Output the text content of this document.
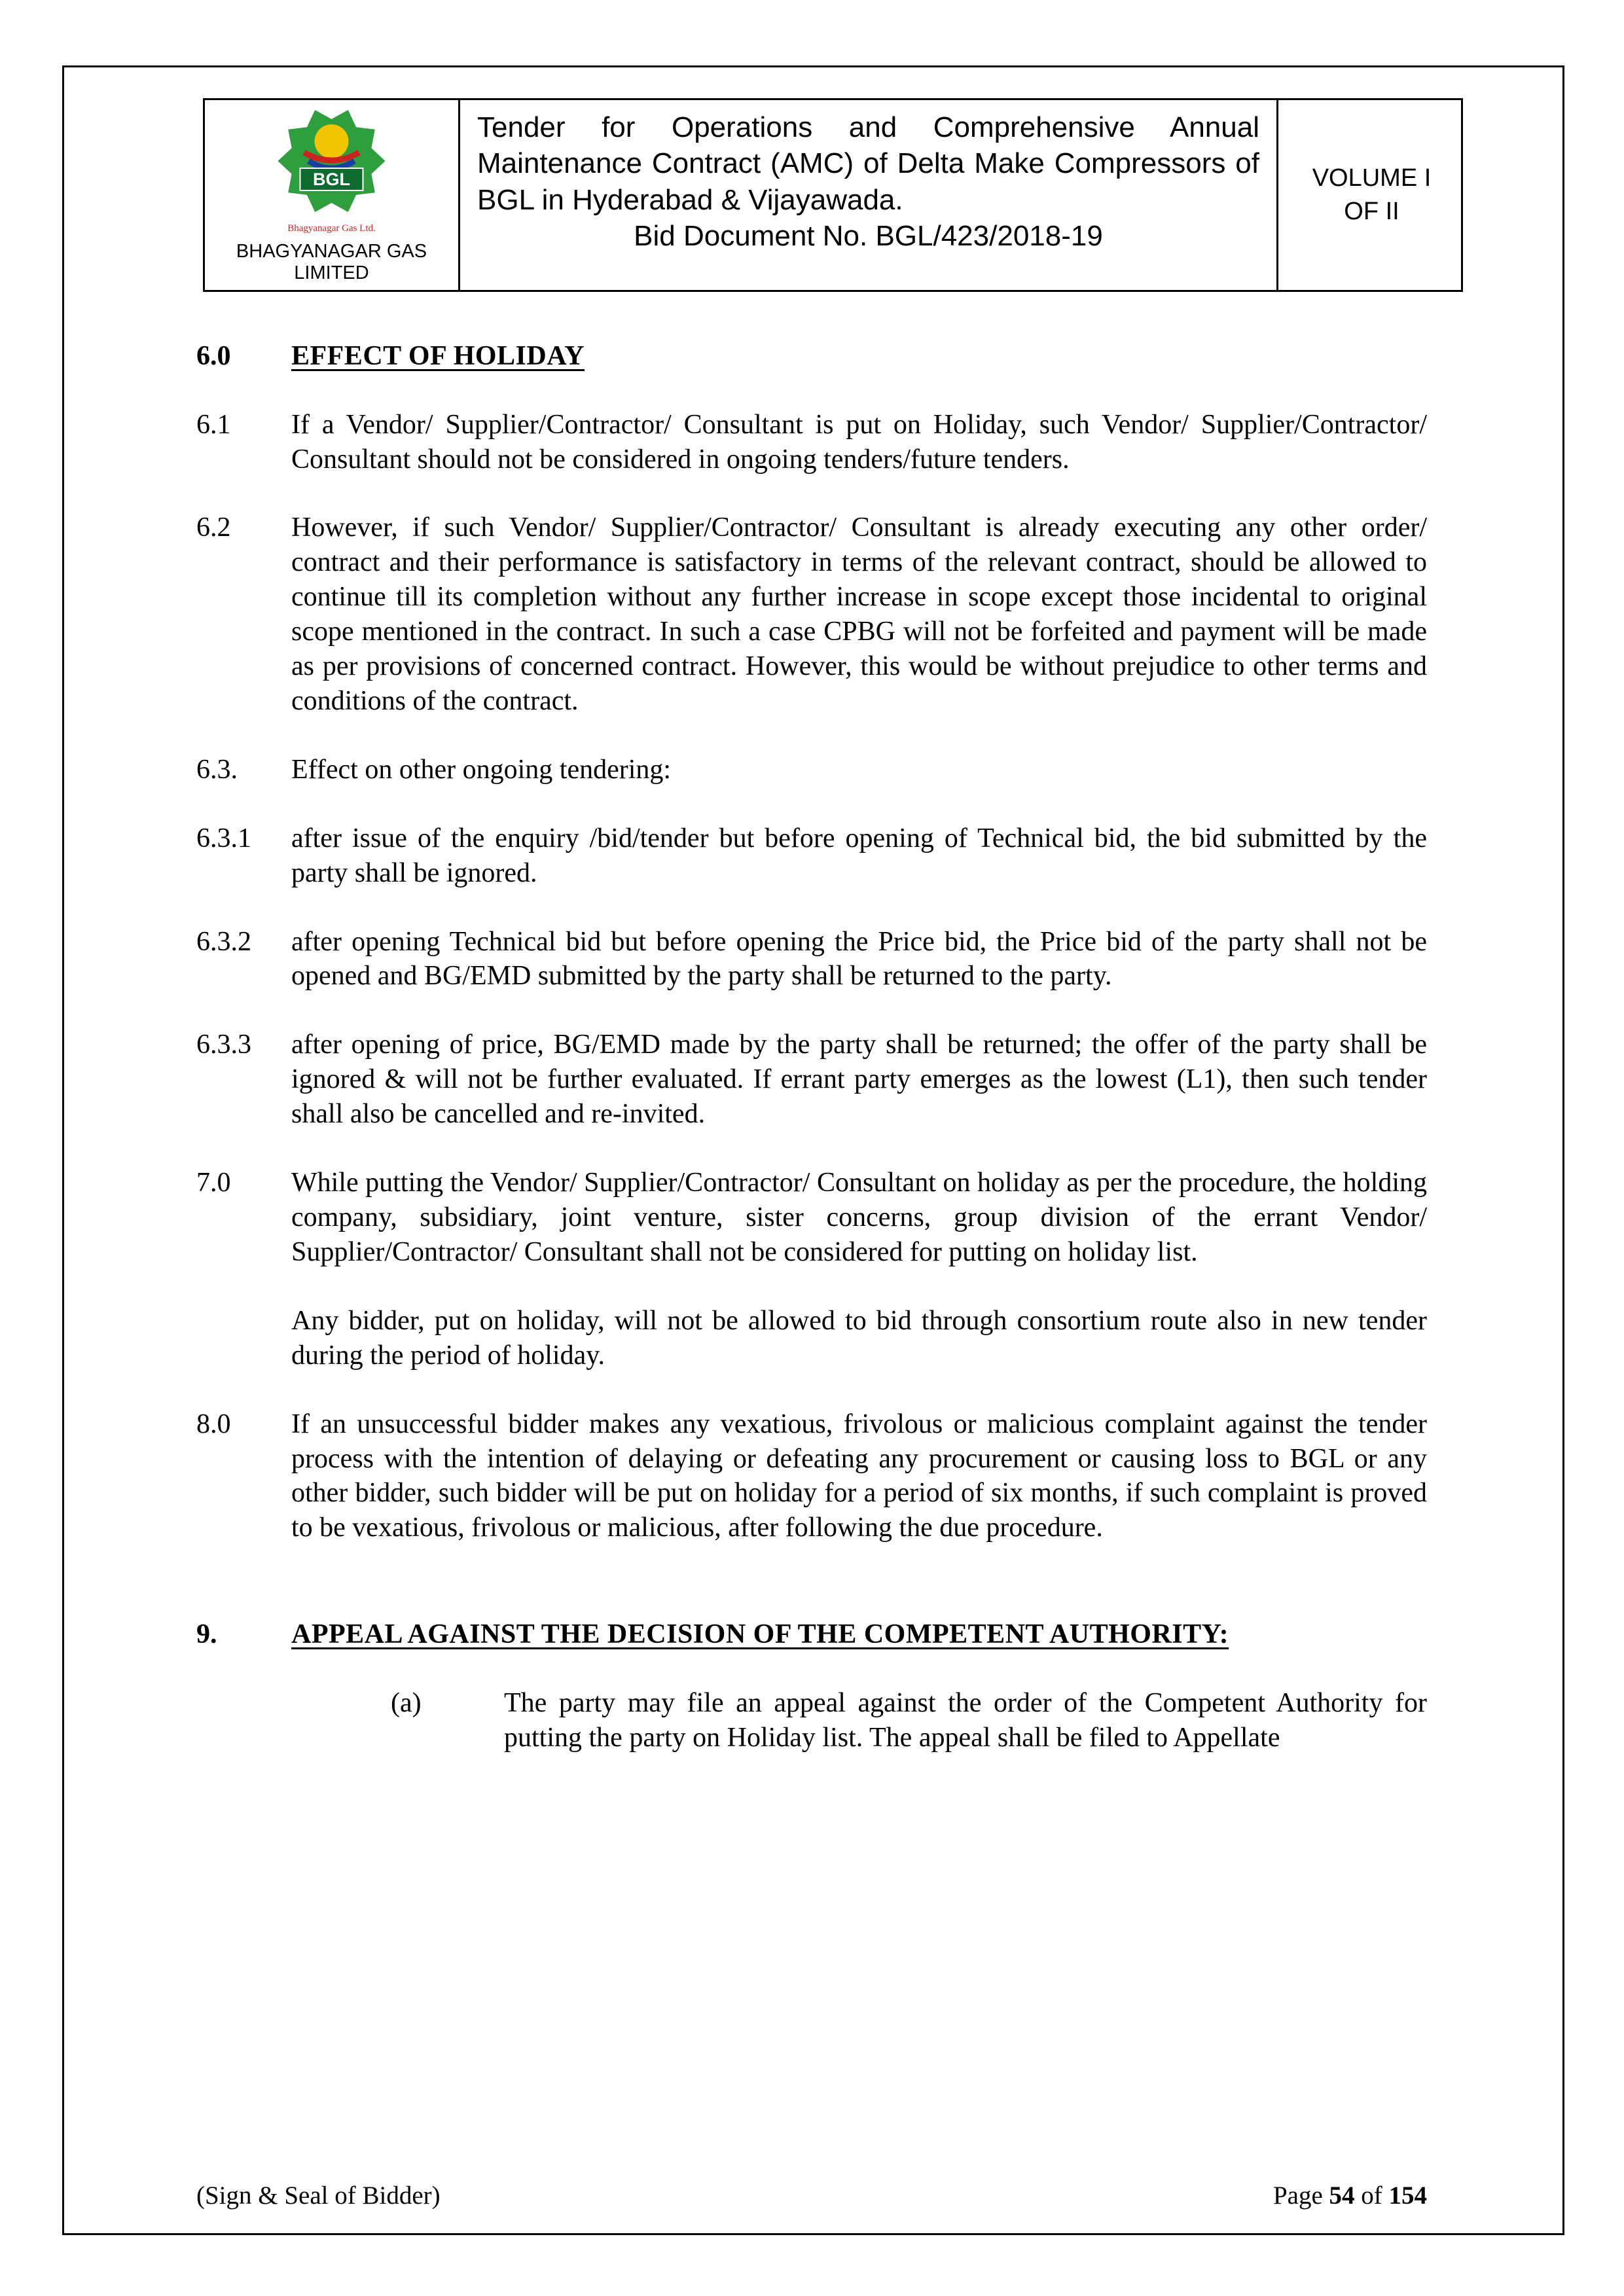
BGL
Bhagyanagar Gas Ltd.
BHAGYANAGAR GAS
LIMITED
Tender for Operations and Comprehensive Annual Maintenance Contract (AMC) of Delta Make Compressors of BGL in Hyderabad & Vijayawada.
Bid Document No. BGL/423/2018-19
VOLUME I
OF II
6.0	EFFECT OF HOLIDAY
6.1	If a Vendor/ Supplier/Contractor/ Consultant is put on Holiday, such Vendor/ Supplier/Contractor/ Consultant should not be considered in ongoing tenders/future tenders.
6.2	However, if such Vendor/ Supplier/Contractor/ Consultant is already executing any other order/ contract and their performance is satisfactory in terms of the relevant contract, should be allowed to continue till its completion without any further increase in scope except those incidental to original scope mentioned in the contract. In such a case CPBG will not be forfeited and payment will be made as per provisions of concerned contract. However, this would be without prejudice to other terms and conditions of the contract.
6.3.	Effect on other ongoing tendering:
6.3.1	after issue of the enquiry /bid/tender but before opening of Technical bid, the bid submitted by the party shall be ignored.
6.3.2	after opening Technical bid but before opening the Price bid, the Price bid of the party shall not be opened and BG/EMD submitted by the party shall be returned to the party.
6.3.3	after opening of price, BG/EMD made by the party shall be returned; the offer of the party shall be ignored & will not be further evaluated. If errant party emerges as the lowest (L1), then such tender shall also be cancelled and re-invited.
7.0	While putting the Vendor/ Supplier/Contractor/ Consultant on holiday as per the procedure, the holding company, subsidiary, joint venture, sister concerns, group division of the errant Vendor/ Supplier/Contractor/ Consultant shall not be considered for putting on holiday list.
Any bidder, put on holiday, will not be allowed to bid through consortium route also in new tender during the period of holiday.
8.0	If an unsuccessful bidder makes any vexatious, frivolous or malicious complaint against the tender process with the intention of delaying or defeating any procurement or causing loss to BGL or any other bidder, such bidder will be put on holiday for a period of six months, if such complaint is proved to be vexatious, frivolous or malicious, after following the due procedure.
9.	APPEAL AGAINST THE DECISION OF THE COMPETENT AUTHORITY:
(a)	The party may file an appeal against the order of the Competent Authority for putting the party on Holiday list. The appeal shall be filed to Appellate
(Sign & Seal of Bidder)	Page 54 of 154
